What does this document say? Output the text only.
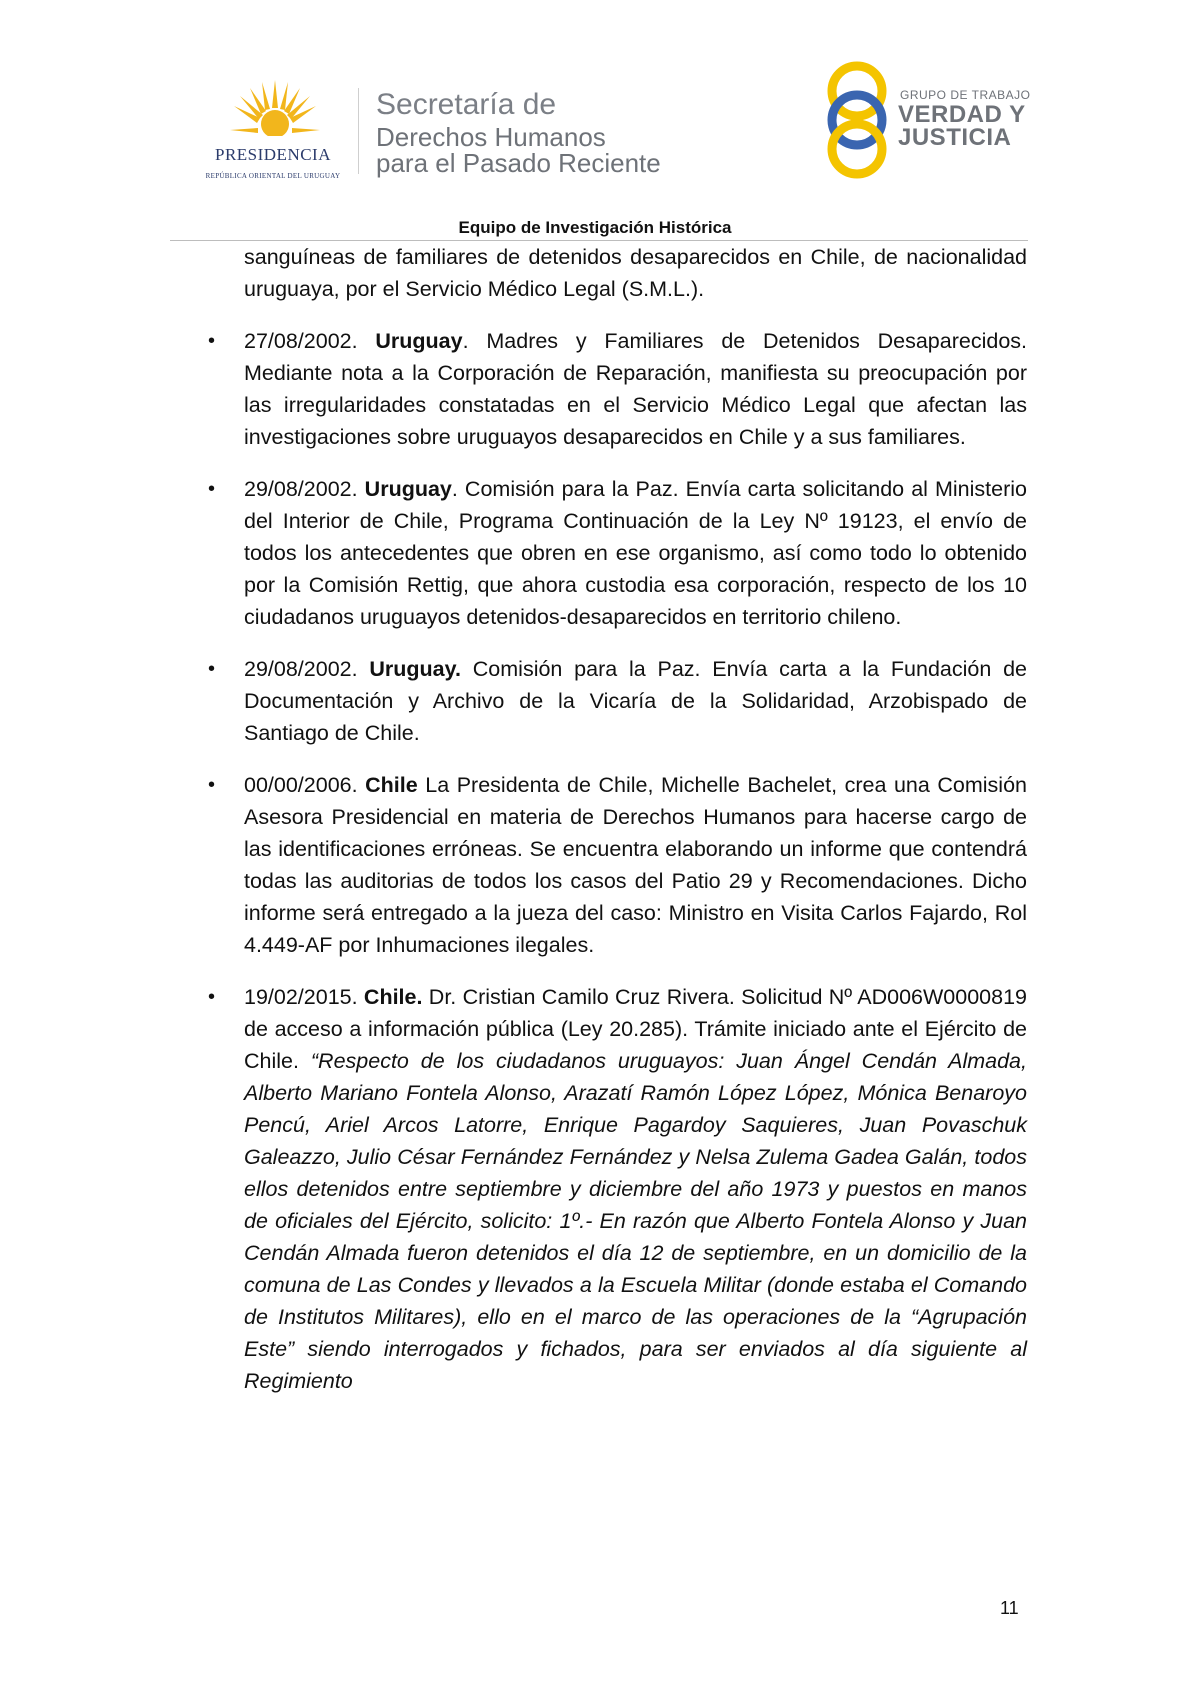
PRESIDENCIA
REPÚBLICA ORIENTAL DEL URUGUAY
Secretaría de
Derechos Humanos
para el Pasado Reciente
GRUPO DE TRABAJO
VERDAD Y
JUSTICIA
Equipo de Investigación Histórica

sanguíneas de familiares de detenidos desaparecidos en Chile, de nacionalidad uruguaya, por el Servicio Médico Legal (S.M.L.).

• 27/08/2002. Uruguay. Madres y Familiares de Detenidos Desaparecidos. Mediante nota a la Corporación de Reparación, manifiesta su preocupación por las irregularidades constatadas en el Servicio Médico Legal que afectan las investigaciones sobre uruguayos desaparecidos en Chile y a sus familiares.
• 29/08/2002. Uruguay. Comisión para la Paz. Envía carta solicitando al Ministerio del Interior de Chile, Programa Continuación de la Ley Nº 19123, el envío de todos los antecedentes que obren en ese organismo, así como todo lo obtenido por la Comisión Rettig, que ahora custodia esa corporación, respecto de los 10 ciudadanos uruguayos detenidos-desaparecidos en territorio chileno.
• 29/08/2002. Uruguay. Comisión para la Paz. Envía carta a la Fundación de Documentación y Archivo de la Vicaría de la Solidaridad, Arzobispado de Santiago de Chile.
• 00/00/2006. Chile La Presidenta de Chile, Michelle Bachelet, crea una Comisión Asesora Presidencial en materia de Derechos Humanos para hacerse cargo de las identificaciones erróneas. Se encuentra elaborando un informe que contendrá todas las auditorias de todos los casos del Patio 29 y Recomendaciones. Dicho informe será entregado a la jueza del caso: Ministro en Visita Carlos Fajardo, Rol 4.449-AF por Inhumaciones ilegales.
• 19/02/2015. Chile. Dr. Cristian Camilo Cruz Rivera. Solicitud Nº AD006W0000819 de acceso a información pública (Ley 20.285). Trámite iniciado ante el Ejército de Chile. “Respecto de los ciudadanos uruguayos: Juan Ángel Cendán Almada, Alberto Mariano Fontela Alonso, Arazatí Ramón López López, Mónica Benaroyo Pencú, Ariel Arcos Latorre, Enrique Pagardoy Saquieres, Juan Povaschuk Galeazzo, Julio César Fernández Fernández y Nelsa Zulema Gadea Galán, todos ellos detenidos entre septiembre y diciembre del año 1973 y puestos en manos de oficiales del Ejército, solicito: 1º.- En razón que Alberto Fontela Alonso y Juan Cendán Almada fueron detenidos el día 12 de septiembre, en un domicilio de la comuna de Las Condes y llevados a la Escuela Militar (donde estaba el Comando de Institutos Militares), ello en el marco de las operaciones de la “Agrupación Este” siendo interrogados y fichados, para ser enviados al día siguiente al Regimiento
11
